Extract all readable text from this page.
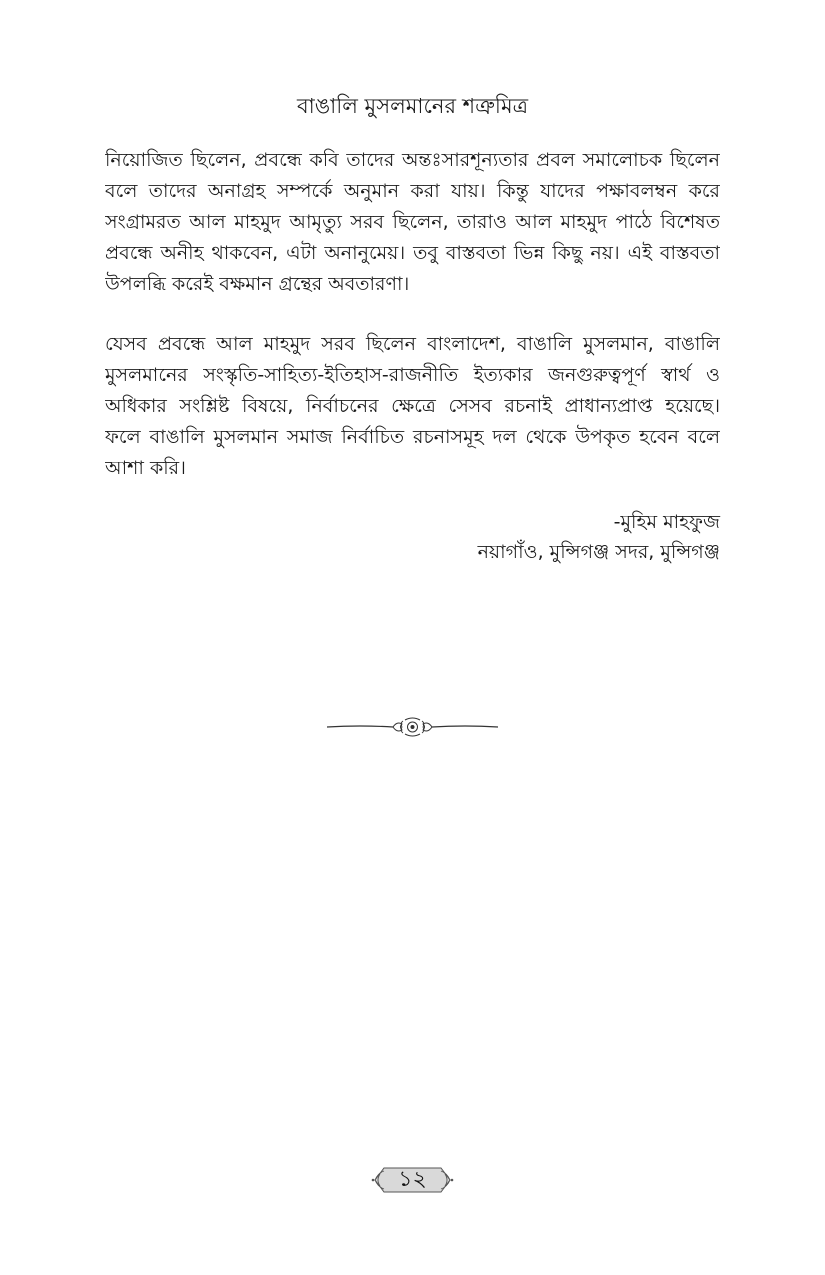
বাঙালি মুসলমানের শত্রুমিত্র
নিয়োজিত ছিলেন, প্রবন্ধে কবি তাদের অন্তঃসারশূন্যতার প্রবল সমালোচক ছিলেন
বলে তাদের অনাগ্রহ সম্পর্কে অনুমান করা যায়। কিন্তু যাদের পক্ষাবলম্বন করে
সংগ্রামরত আল মাহমুদ আমৃত্যু সরব ছিলেন, তারাও আল মাহমুদ পাঠে বিশেষত
প্রবন্ধে অনীহ থাকবেন, এটা অনানুমেয়। তবু বাস্তবতা ভিন্ন কিছু নয়। এই বাস্তবতা
উপলব্ধি করেই বক্ষমান গ্রন্থের অবতারণা।
যেসব প্রবন্ধে আল মাহমুদ সরব ছিলেন বাংলাদেশ, বাঙালি মুসলমান, বাঙালি
মুসলমানের সংস্কৃতি-সাহিত্য-ইতিহাস-রাজনীতি ইত্যকার জনগুরুত্বপূর্ণ স্বার্থ ও
অধিকার সংশ্লিষ্ট বিষয়ে, নির্বাচনের ক্ষেত্রে সেসব রচনাই প্রাধান্যপ্রাপ্ত হয়েছে।
ফলে বাঙালি মুসলমান সমাজ নির্বাচিত রচনাসমূহ দল থেকে উপকৃত হবেন বলে
আশা করি।
-মুহিম মাহফুজ
নয়াগাঁও, মুন্সিগঞ্জ সদর, মুন্সিগঞ্জ
১২
